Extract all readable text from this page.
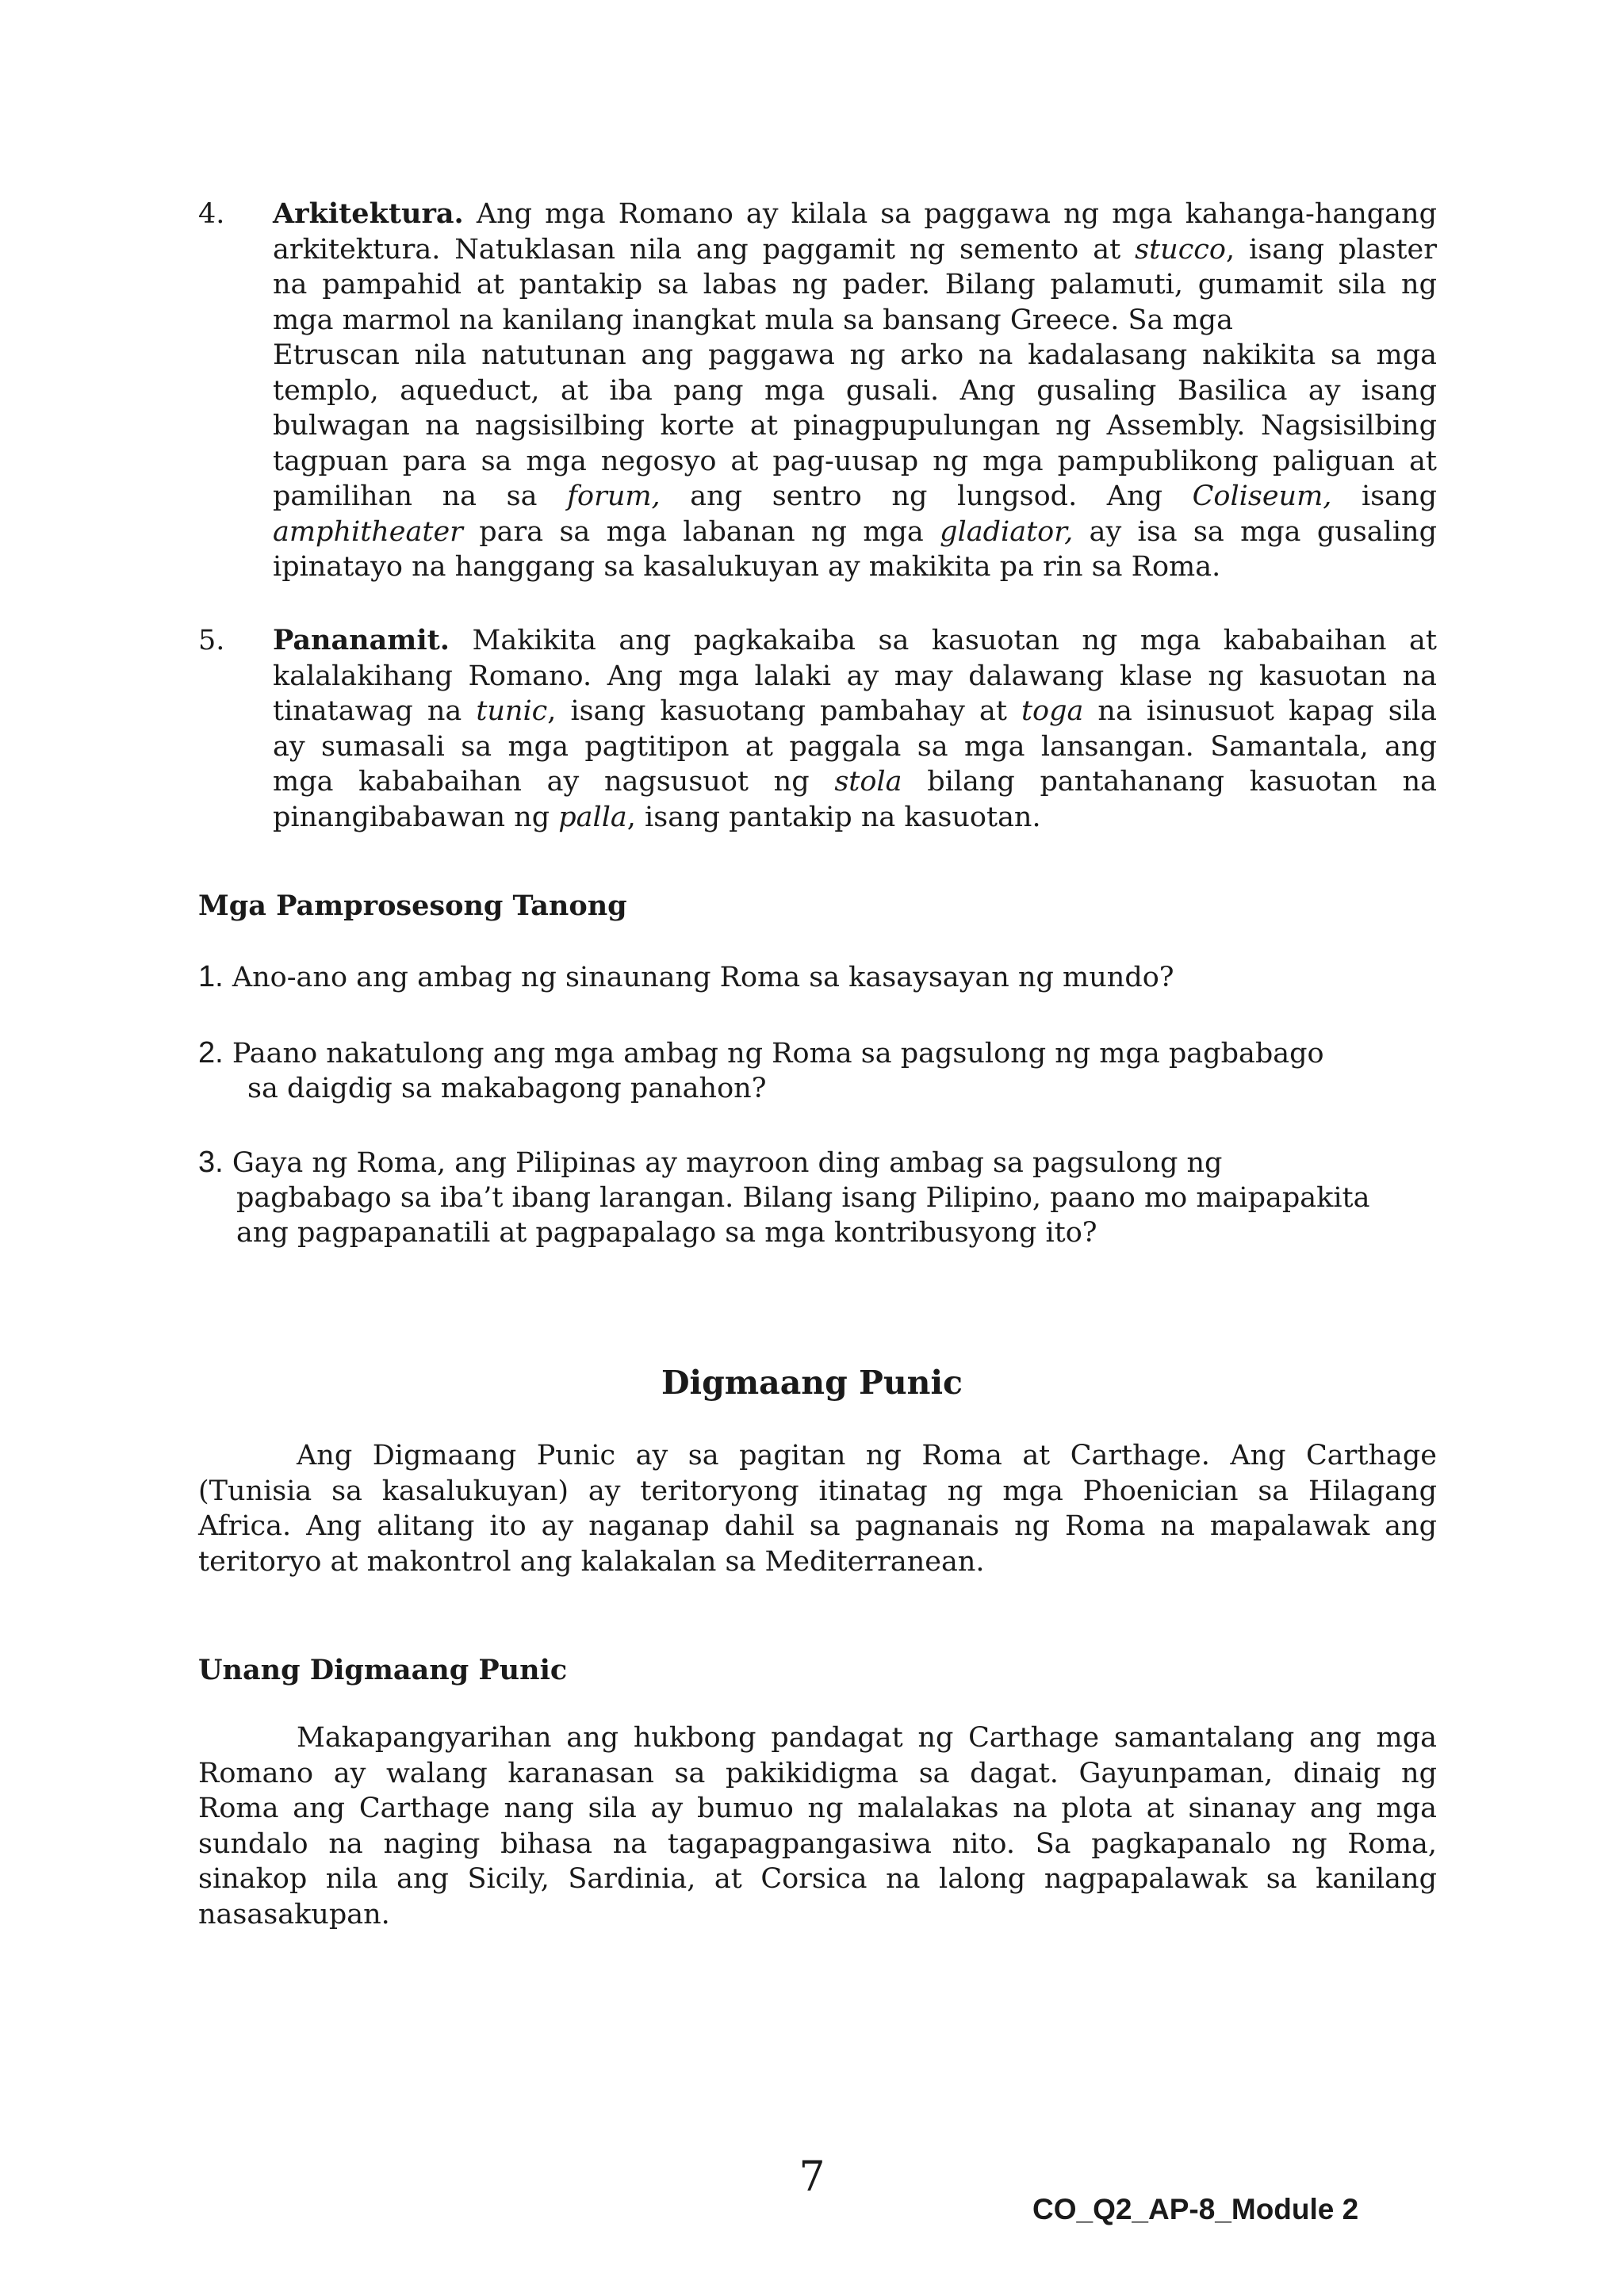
4. Arkitektura. Ang mga Romano ay kilala sa paggawa ng mga kahanga-hangang
arkitektura. Natuklasan nila ang paggamit ng semento at stucco, isang plaster
na pampahid at pantakip sa labas ng pader. Bilang palamuti, gumamit sila ng
mga marmol na kanilang inangkat mula sa bansang Greece. Sa mga
Etruscan nila natutunan ang paggawa ng arko na kadalasang nakikita sa mga
templo, aqueduct, at iba pang mga gusali. Ang gusaling Basilica ay isang
bulwagan na nagsisilbing korte at pinagpupulungan ng Assembly. Nagsisilbing
tagpuan para sa mga negosyo at pag-uusap ng mga pampublikong paliguan at
pamilihan na sa forum, ang sentro ng lungsod. Ang Coliseum, isang
amphitheater para sa mga labanan ng mga gladiator, ay isa sa mga gusaling
ipinatayo na hanggang sa kasalukuyan ay makikita pa rin sa Roma.
5. Pananamit. Makikita ang pagkakaiba sa kasuotan ng mga kababaihan at
kalalakihang Romano. Ang mga lalaki ay may dalawang klase ng kasuotan na
tinatawag na tunic, isang kasuotang pambahay at toga na isinusuot kapag sila
ay sumasali sa mga pagtitipon at paggala sa mga lansangan. Samantala, ang
mga kababaihan ay nagsusuot ng stola bilang pantahanang kasuotan na
pinangibabawan ng palla, isang pantakip na kasuotan.
Mga Pamprosesong Tanong
1. Ano-ano ang ambag ng sinaunang Roma sa kasaysayan ng mundo?
2. Paano nakatulong ang mga ambag ng Roma sa pagsulong ng mga pagbabago
sa daigdig sa makabagong panahon?
3. Gaya ng Roma, ang Pilipinas ay mayroon ding ambag sa pagsulong ng
pagbabago sa iba’t ibang larangan. Bilang isang Pilipino, paano mo maipapakita
ang pagpapanatili at pagpapalago sa mga kontribusyong ito?
Digmaang Punic
Ang Digmaang Punic ay sa pagitan ng Roma at Carthage. Ang Carthage
(Tunisia sa kasalukuyan) ay teritoryong itinatag ng mga Phoenician sa Hilagang
Africa. Ang alitang ito ay naganap dahil sa pagnanais ng Roma na mapalawak ang
teritoryo at makontrol ang kalakalan sa Mediterranean.
Unang Digmaang Punic
Makapangyarihan ang hukbong pandagat ng Carthage samantalang ang mga
Romano ay walang karanasan sa pakikidigma sa dagat. Gayunpaman, dinaig ng
Roma ang Carthage nang sila ay bumuo ng malalakas na plota at sinanay ang mga
sundalo na naging bihasa na tagapagpangasiwa nito. Sa pagkapanalo ng Roma,
sinakop nila ang Sicily, Sardinia, at Corsica na lalong nagpapalawak sa kanilang
nasasakupan.
7
CO_Q2_AP-8_Module 2
